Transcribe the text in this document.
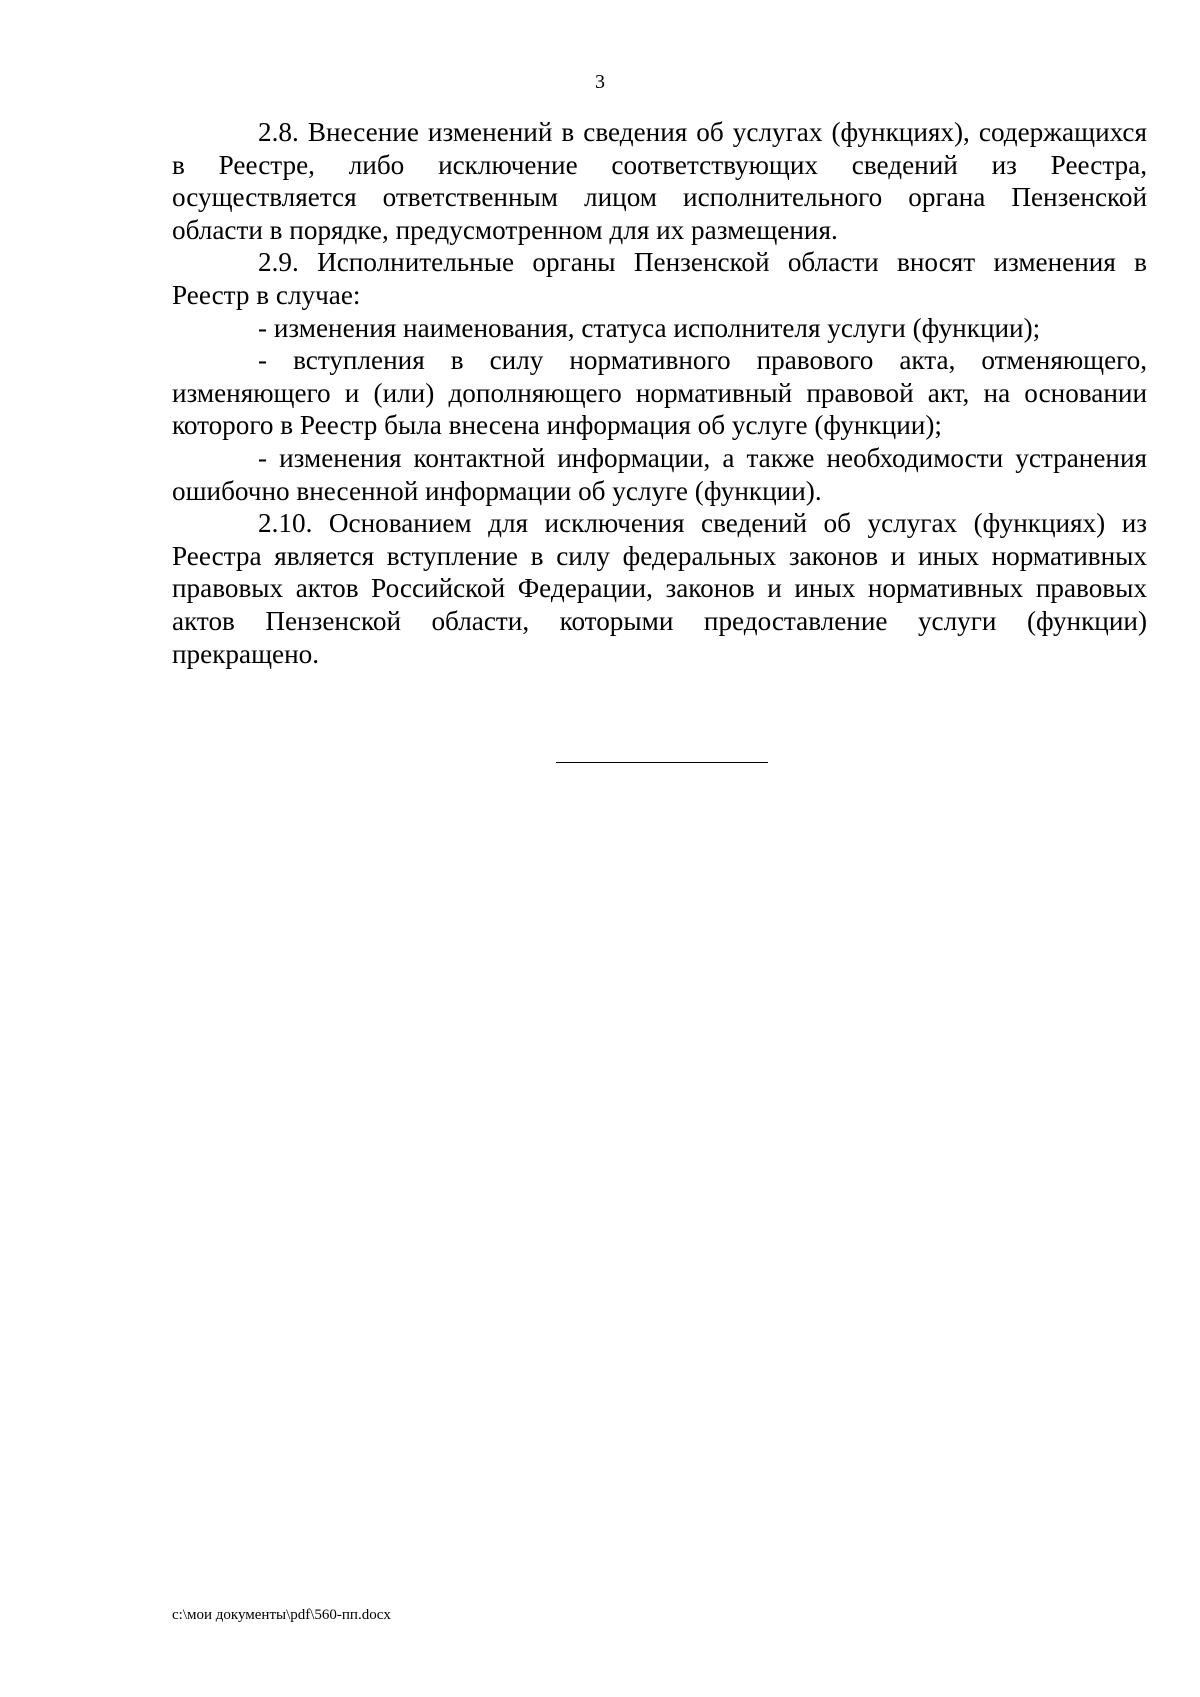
3

2.8. Внесение изменений в сведения об услугах (функциях), содержащихся в Реестре, либо исключение соответствующих сведений из Реестра, осуществляется ответственным лицом исполнительного органа Пензенской области в порядке, предусмотренном для их размещения.

2.9. Исполнительные органы Пензенской области вносят изменения в Реестр в случае:

- изменения наименования, статуса исполнителя услуги (функции);

- вступления в силу нормативного правового акта, отменяющего, изменяющего и (или) дополняющего нормативный правовой акт, на основании которого в Реестр была внесена информация об услуге (функции);

- изменения контактной информации, а также необходимости устранения ошибочно внесенной информации об услуге (функции).

2.10. Основанием для исключения сведений об услугах (функциях) из Реестра является вступление в силу федеральных законов и иных нормативных правовых актов Российской Федерации, законов и иных нормативных правовых актов Пензенской области, которыми предоставление услуги (функции) прекращено.

c:\мои документы\pdf\560-пп.docx
